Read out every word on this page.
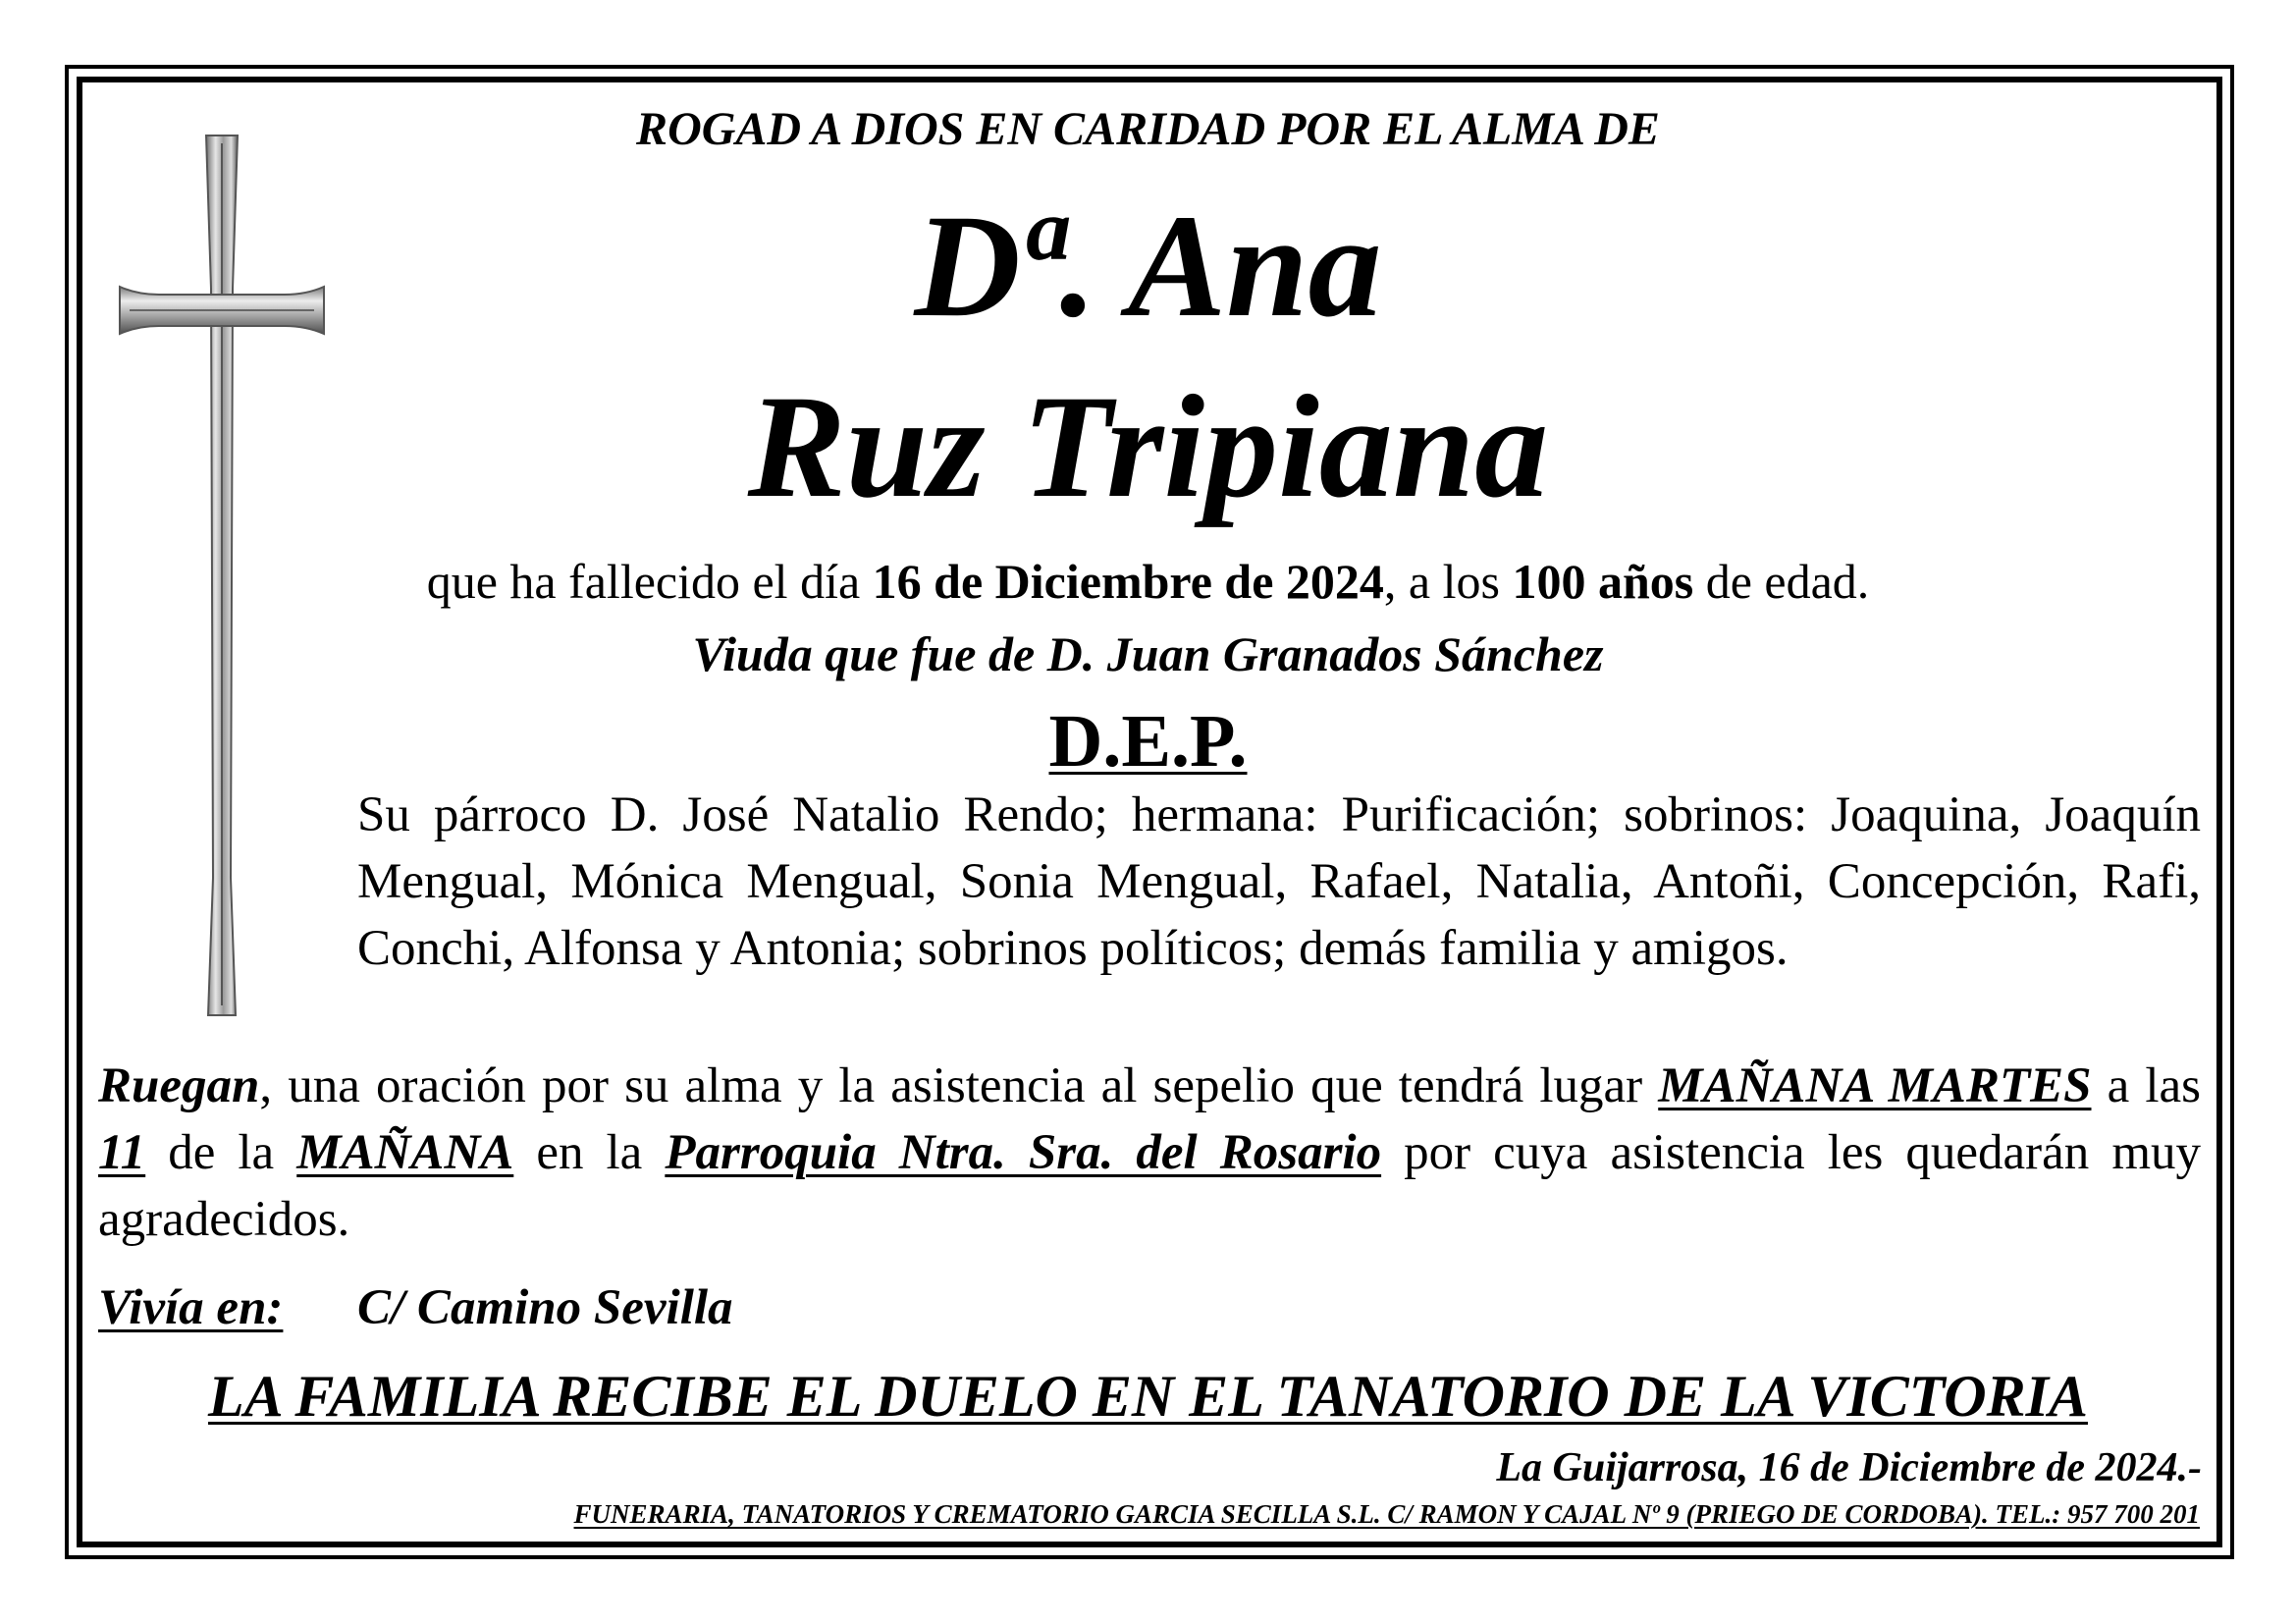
ROGAD A DIOS EN CARIDAD POR EL ALMA DE
Dª. Ana
Ruz Tripiana
que ha fallecido el día 16 de Diciembre de 2024, a los 100 años de edad.
Viuda que fue de D. Juan Granados Sánchez
D.E.P.
Su párroco D. José Natalio Rendo; hermana: Purificación; sobrinos: Joaquina, Joaquín Mengual, Mónica Mengual, Sonia Mengual, Rafael, Natalia, Antoñi, Concepción, Rafi, Conchi, Alfonsa y Antonia; sobrinos políticos; demás familia y amigos.
Ruegan, una oración por su alma y la asistencia al sepelio que tendrá lugar MAÑANA MARTES a las 11 de la MAÑANA en la Parroquia Ntra. Sra. del Rosario por cuya asistencia les quedarán muy agradecidos.
Vivía en: C/ Camino Sevilla
LA FAMILIA RECIBE EL DUELO EN EL TANATORIO DE LA VICTORIA
La Guijarrosa, 16 de Diciembre de 2024.-
FUNERARIA, TANATORIOS Y CREMATORIO GARCIA SECILLA S.L. C/ RAMON Y CAJAL Nº 9 (PRIEGO DE CORDOBA). TEL.: 957 700 201
